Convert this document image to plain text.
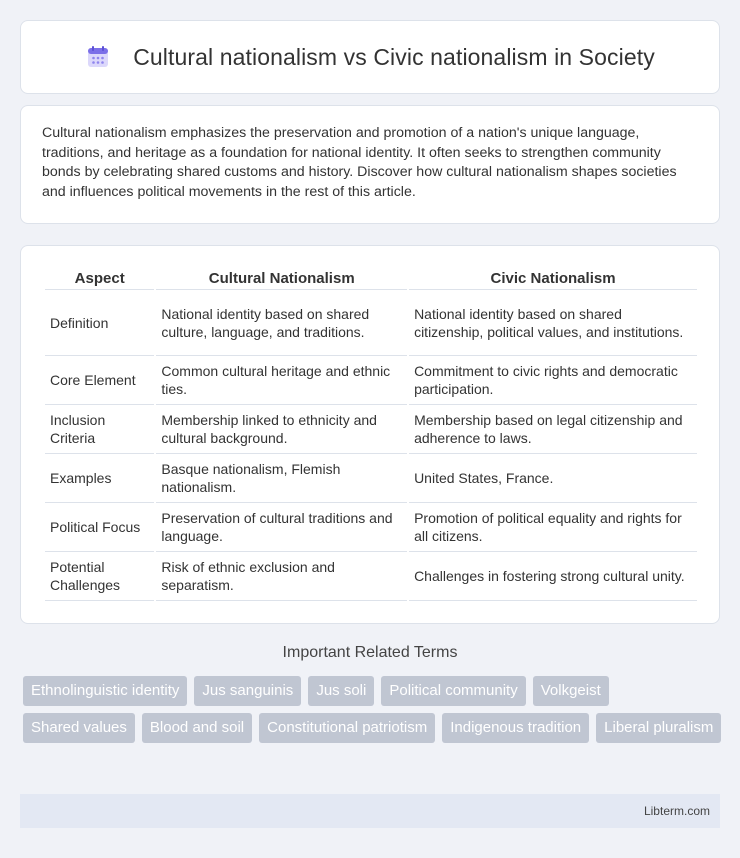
Cultural nationalism vs Civic nationalism in Society

Cultural nationalism emphasizes the preservation and promotion of a nation's unique language, traditions, and heritage as a foundation for national identity. It often seeks to strengthen community bonds by celebrating shared customs and history. Discover how cultural nationalism shapes societies and influences political movements in the rest of this article.

Aspect	Cultural Nationalism	Civic Nationalism
Definition	National identity based on shared culture, language, and traditions.	National identity based on shared citizenship, political values, and institutions.
Core Element	Common cultural heritage and ethnic ties.	Commitment to civic rights and democratic participation.
Inclusion Criteria	Membership linked to ethnicity and cultural background.	Membership based on legal citizenship and adherence to laws.
Examples	Basque nationalism, Flemish nationalism.	United States, France.
Political Focus	Preservation of cultural traditions and language.	Promotion of political equality and rights for all citizens.
Potential Challenges	Risk of ethnic exclusion and separatism.	Challenges in fostering strong cultural unity.
Important Related Terms
Ethnolinguistic identity	Jus sanguinis	Jus soli	Political community	Volkgeist
Shared values	Blood and soil	Constitutional patriotism	Indigenous tradition	Liberal pluralism
Libterm.com
